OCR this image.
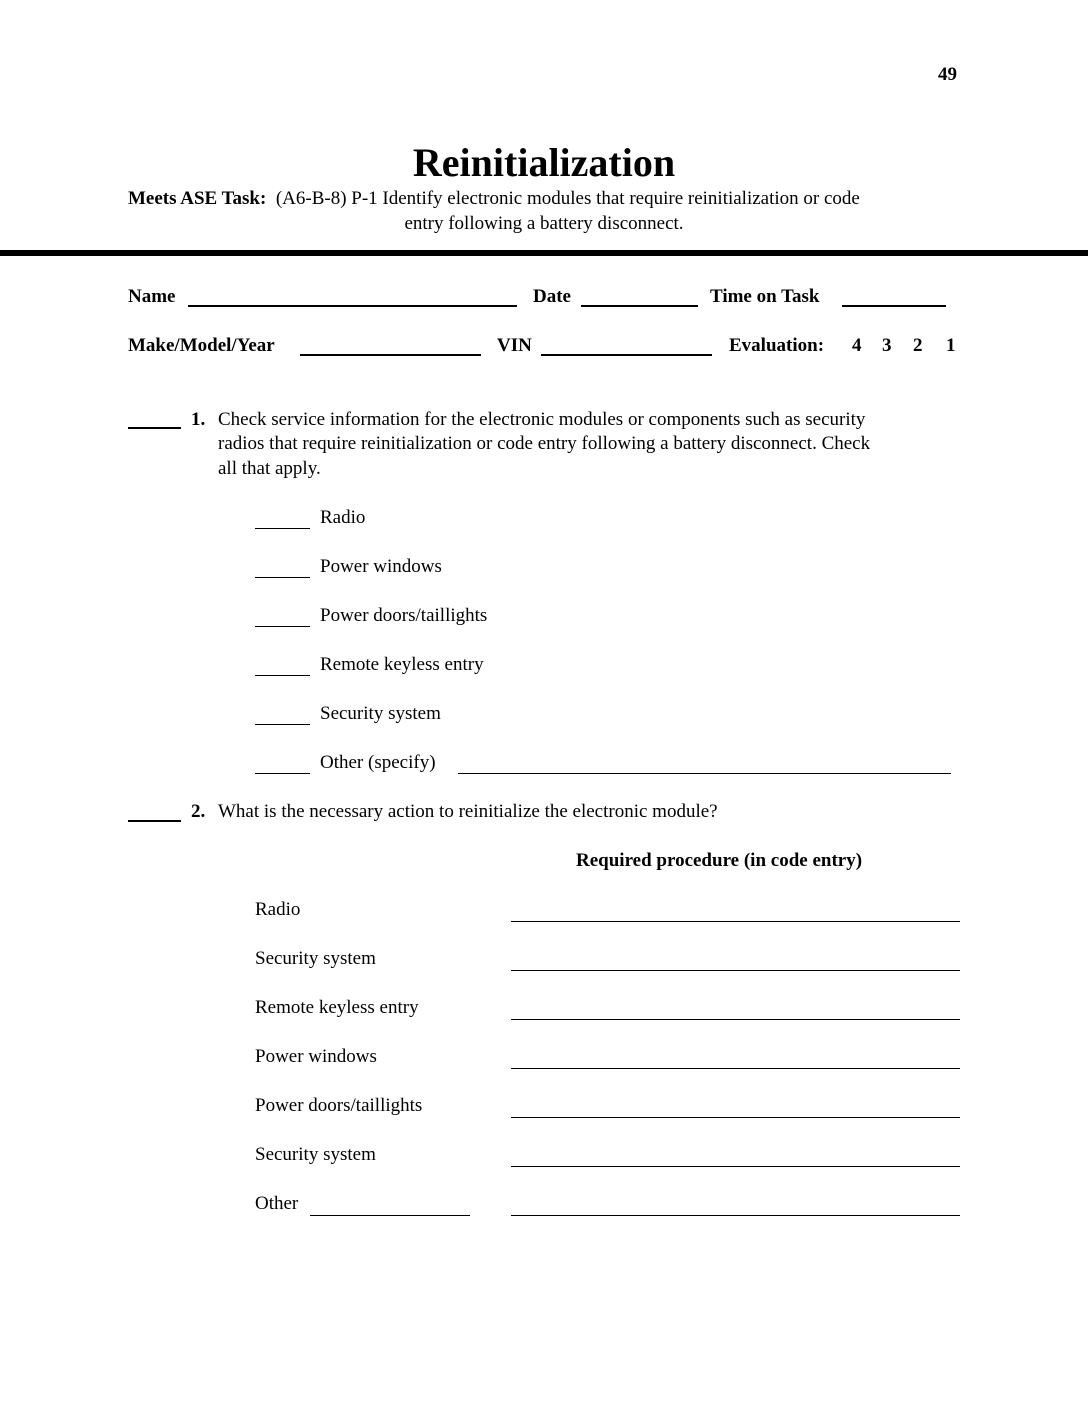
49
Reinitialization
Meets ASE Task: (A6-B-8) P-1 Identify electronic modules that require reinitialization or code
entry following a battery disconnect.
Name	Date	Time on Task
Make/Model/Year	VIN	Evaluation: 4 3 2 1
1. Check service information for the electronic modules or components such as security
radios that require reinitialization or code entry following a battery disconnect. Check
all that apply.
Radio
Power windows
Power doors/taillights
Remote keyless entry
Security system
Other (specify)
2. What is the necessary action to reinitialize the electronic module?
Required procedure (in code entry)
Radio
Security system
Remote keyless entry
Power windows
Power doors/taillights
Security system
Other
